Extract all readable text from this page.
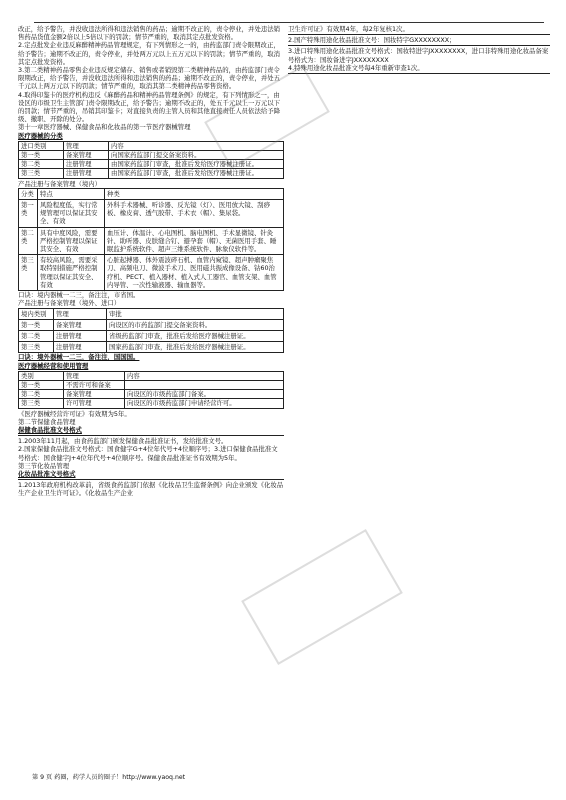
改正，给予警告，并没收违法所得和违法销售的药品；逾期不改正的，责令停业，并处违法销售药品货值金额2倍以上5倍以下的罚款；情节严重的，取消其定点批发资格。

2.定点批发企业违反麻醉精神药品管理规定，有下列情形之一的，由药监部门责令限期改正，给予警告；逾期不改正的，责令停业，并处两万元以上五万元以下的罚款；情节严重的，取消其定点批发资格。

3.第二类精神药品零售企业违反规定储存、销售或者销毁第二类精神药品的，由药监部门责令限期改正，给予警告，并没收违法所得和违法销售的药品；逾期不改正的，责令停业，并处五千元以上两万元以下的罚款；情节严重的，取消其第二类精神药品零售资格。

4.取得印鉴卡的医疗机构违反《麻醉药品和精神药品管理条例》的规定，有下列情形之一，由设区的市级卫生主管部门责令限期改正，给予警告；逾期不改正的，处五千元以上一万元以下的罚款；情节严重的，吊销其印鉴卡；对直接负责的主管人员和其他直接责任人员依法给予降级、撤职、开除的处分。

第十一章医疗器械、保健食品和化妆品的第一节医疗器械管理

医疗器械的分类

进口类别	管理	内容
第一类	备案管理	向国家药监部门提交备案资料。
第二类	注册管理	由国家药监部门审查，批准后发给医疗器械注册证。
第三类	注册管理	由国家药监部门审查，批准后发给医疗器械注册证。

产品注册与备案管理（境内）

分类	特点	种类
第一类	风险程度低，实行常规管理可以保证其安全、有效	外科手术器械、听诊器、反光镜（灯）、医用放大镜、刮痧板、橡皮膏、透气胶带、手术衣（帽）、集尿袋。
第二类	具有中度风险，需要严格控制管理以保证其安全、有效	血压计、体温计、心电图机、脑电图机、手术显微镜、针灸针、助听器、皮肤缝合钉、避孕套（帽）、无菌医用手套、睡眠监护系统软件、超声三维系统软件、脉象仪软件等。
第三类	有较高风险，需要采取特别措施严格控制管理以保证其安全、有效	心脏起搏器、体外震波碎石机、血管内窥镜、超声肿瘤聚焦刀、高频电刀、微波手术刀、医用磁共振成像设备、钴60治疗机、PECT、植入器材、植入式人工器官、血管支架、血管内导管、一次性输液器、输血器等。

口诀：境内器械一二三，备注注，市省国。

产品注册与备案管理（境外、进口）

境内类别	管理	审批
第一类	备案管理	向设区的市药监部门提交备案资料。
第二类	注册管理	省级药监部门审查，批准后发给医疗器械注册证。
第三类	注册管理	国家药监部门审查，批准后发给医疗器械注册证。

口诀：境外器械一二三，备注注，国国国。

医疗器械经营和使用管理

类别	管理	内容
第一类	不需许可和备案	
第二类	备案管理	向设区的市级药监部门备案。
第三类	许可管理	向设区的市级药监部门申请经营许可。

《医疗器械经营许可证》有效期为5年。

第二节保健食品管理

保健食品批准文号格式

1.2003年11月起，由食药监部门颁发保健食品批准证书，发给批准文号。

2.国家保健食品批准文号格式：国食健字G+4位年代号+4位顺序号；3.进口保健食品批准文号格式：国食健字J+4位年代号+4位顺序号。保健食品批准证书有效期为5年。

第三节化妆品管理

化妆品批准文号格式

1.2013年政府机构改革前，省级食药监部门依据《化妆品卫生监督条例》向企业颁发《化妆品生产企业卫生许可证》。《化妆品生产企业

卫生许可证》有效期4年，每2年复核1次。

2.国产特殊用途化妆品批准文号：国妆特字GXXXXXXXX；

3.进口特殊用途化妆品批准文号格式：国妆特进字JXXXXXXXX，进口非特殊用途化妆品备案号格式为：国妆备进字JXXXXXXXX

4.特殊用途化妆品批准文号每4年重新审查1次。

第 9 页 药圈，药学人员的圈子！http://www.yaoq.net
